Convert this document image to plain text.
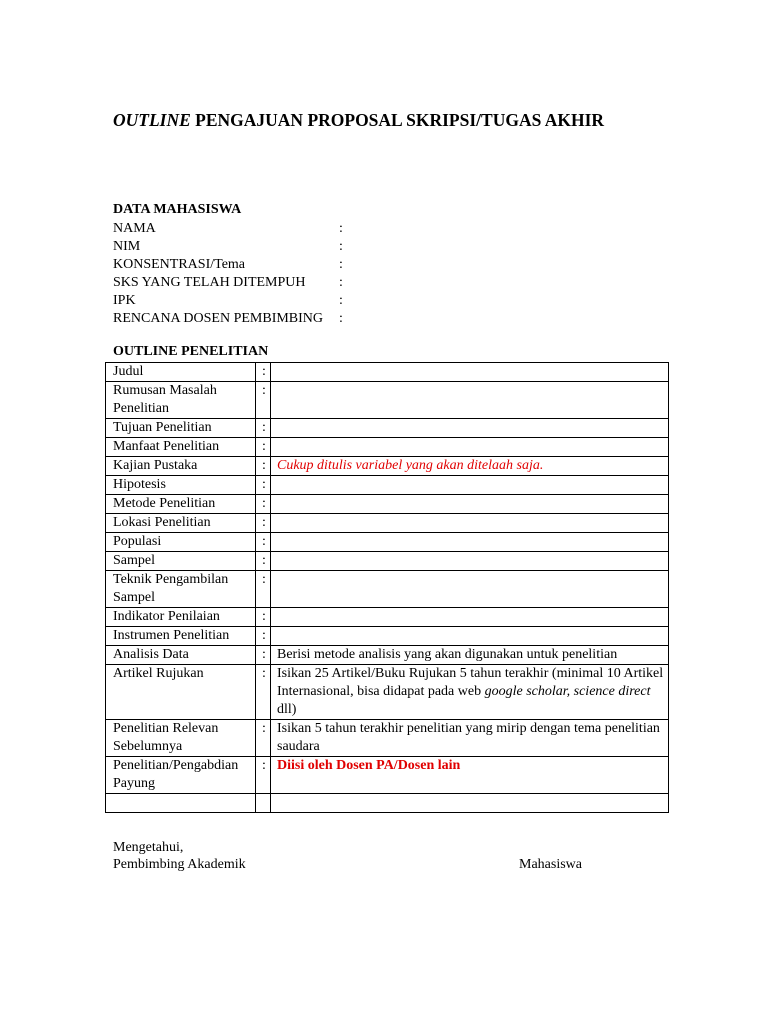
OUTLINE PENGAJUAN PROPOSAL SKRIPSI/TUGAS AKHIR
DATA MAHASISWA
NAMA	:
NIM	:
KONSENTRASI/Tema	:
SKS YANG TELAH DITEMPUH :
IPK	:
RENCANA DOSEN PEMBIMBING :
OUTLINE PENELITIAN
Judul	:	
Rumusan Masalah Penelitian	:	
Tujuan Penelitian	:	
Manfaat Penelitian	:	
Kajian Pustaka	:	Cukup ditulis variabel yang akan ditelaah saja.
Hipotesis	:	
Metode Penelitian	:	
Lokasi Penelitian	:	
Populasi	:	
Sampel	:	
Teknik Pengambilan Sampel	:	
Indikator Penilaian	:	
Instrumen Penelitian	:	
Analisis Data	:	Berisi metode analisis yang akan digunakan untuk penelitian
Artikel Rujukan	:	Isikan 25 Artikel/Buku Rujukan 5 tahun terakhir (minimal 10 Artikel Internasional, bisa didapat pada web google scholar, science direct dll)
Penelitian Relevan Sebelumnya	:	Isikan 5 tahun terakhir penelitian yang mirip dengan tema penelitian saudara
Penelitian/Pengabdian Payung	:	Diisi oleh Dosen PA/Dosen lain

Mengetahui,
Pembimbing Akademik	Mahasiswa
